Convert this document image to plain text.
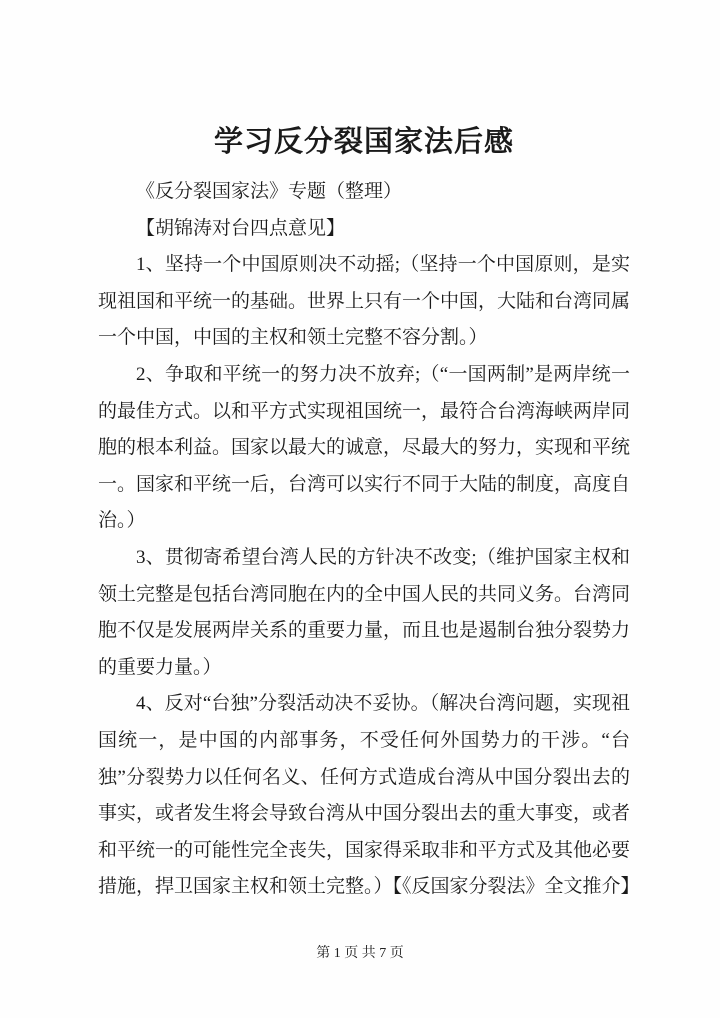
学习反分裂国家法后感

《反分裂国家法》专题（整理）

【胡锦涛对台四点意见】

1、坚持一个中国原则决不动摇;（坚持一个中国原则，是实现祖国和平统一的基础。世界上只有一个中国，大陆和台湾同属一个中国，中国的主权和领土完整不容分割。）

2、争取和平统一的努力决不放弃;（“一国两制”是两岸统一的最佳方式。以和平方式实现祖国统一，最符合台湾海峡两岸同胞的根本利益。国家以最大的诚意，尽最大的努力，实现和平统一。国家和平统一后，台湾可以实行不同于大陆的制度，高度自治。）

3、贯彻寄希望台湾人民的方针决不改变;（维护国家主权和领土完整是包括台湾同胞在内的全中国人民的共同义务。台湾同胞不仅是发展两岸关系的重要力量，而且也是遏制台独分裂势力的重要力量。）

4、反对“台独”分裂活动决不妥协。（解决台湾问题，实现祖国统一，是中国的内部事务，不受任何外国势力的干涉。“台独”分裂势力以任何名义、任何方式造成台湾从中国分裂出去的事实，或者发生将会导致台湾从中国分裂出去的重大事变，或者和平统一的可能性完全丧失，国家得采取非和平方式及其他必要措施，捍卫国家主权和领土完整。）【《反国家分裂法》全文推介】

第 1 页 共 7 页
